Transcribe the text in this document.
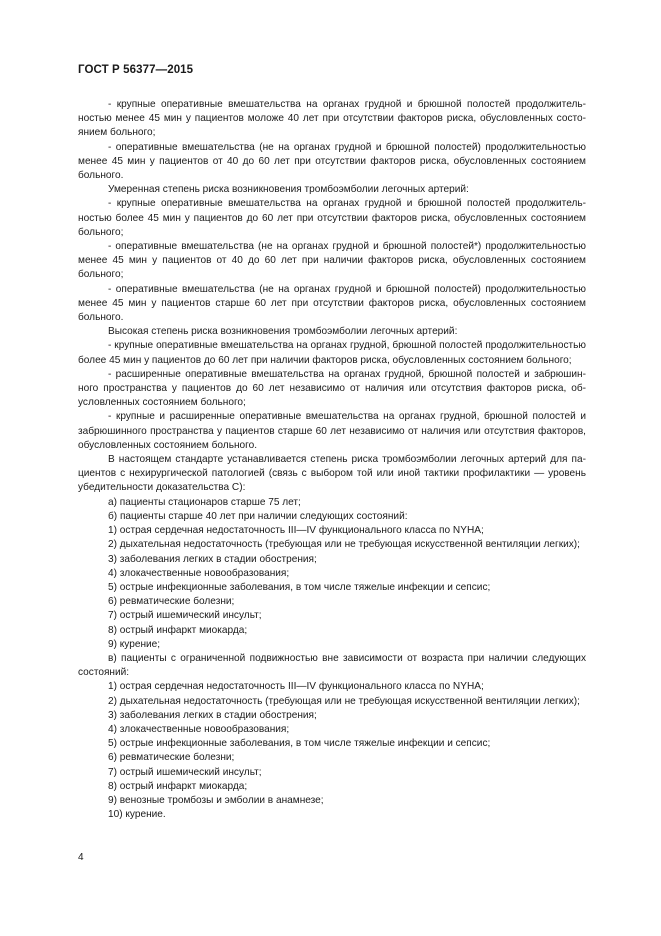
ГОСТ Р 56377—2015

- крупные оперативные вмешательства на органах грудной и брюшной полостей продолжительностью менее 45 мин у пациентов моложе 40 лет при отсутствии факторов риска, обусловленных состоянием больного;

- оперативные вмешательства (не на органах грудной и брюшной полостей) продолжительностью менее 45 мин у пациентов от 40 до 60 лет при отсутствии факторов риска, обусловленных состоянием больного.

Умеренная степень риска возникновения тромбоэмболии легочных артерий:

- крупные оперативные вмешательства на органах грудной и брюшной полостей продолжительностью более 45 мин у пациентов до 60 лет при отсутствии факторов риска, обусловленных состоянием больного;

- оперативные вмешательства (не на органах грудной и брюшной полостей*) продолжительностью менее 45 мин у пациентов от 40 до 60 лет при наличии факторов риска, обусловленных состоянием больного;

- оперативные вмешательства (не на органах грудной и брюшной полостей) продолжительностью менее 45 мин у пациентов старше 60 лет при отсутствии факторов риска, обусловленных состоянием больного.

Высокая степень риска возникновения тромбоэмболии легочных артерий:

- крупные оперативные вмешательства на органах грудной, брюшной полостей продолжительностью более 45 мин у пациентов до 60 лет при наличии факторов риска, обусловленных состоянием больного;

- расширенные оперативные вмешательства на органах грудной, брюшной полостей и забрюшинного пространства у пациентов до 60 лет независимо от наличия или отсутствия факторов риска, обусловленных состоянием больного;

- крупные и расширенные оперативные вмешательства на органах грудной, брюшной полостей и забрюшинного пространства у пациентов старше 60 лет независимо от наличия или отсутствия факторов, обусловленных состоянием больного.

В настоящем стандарте устанавливается степень риска тромбоэмболии легочных артерий для пациентов с нехирургической патологией (связь с выбором той или иной тактики профилактики — уровень убедительности доказательства С):

а) пациенты стационаров старше 75 лет;

б) пациенты старше 40 лет при наличии следующих состояний:

1) острая сердечная недостаточность III—IV функционального класса по NYHA;

2) дыхательная недостаточность (требующая или не требующая искусственной вентиляции легких);

3) заболевания легких в стадии обострения;

4) злокачественные новообразования;

5) острые инфекционные заболевания, в том числе тяжелые инфекции и сепсис;

6) ревматические болезни;

7) острый ишемический инсульт;

8) острый инфаркт миокарда;

9) курение;

в) пациенты с ограниченной подвижностью вне зависимости от возраста при наличии следующих состояний:

1) острая сердечная недостаточность III—IV функционального класса по NYHA;

2) дыхательная недостаточность (требующая или не требующая искусственной вентиляции легких);

3) заболевания легких в стадии обострения;

4) злокачественные новообразования;

5) острые инфекционные заболевания, в том числе тяжелые инфекции и сепсис;

6) ревматические болезни;

7) острый ишемический инсульт;

8) острый инфаркт миокарда;

9) венозные тромбозы и эмболии в анамнезе;

10) курение.

4
